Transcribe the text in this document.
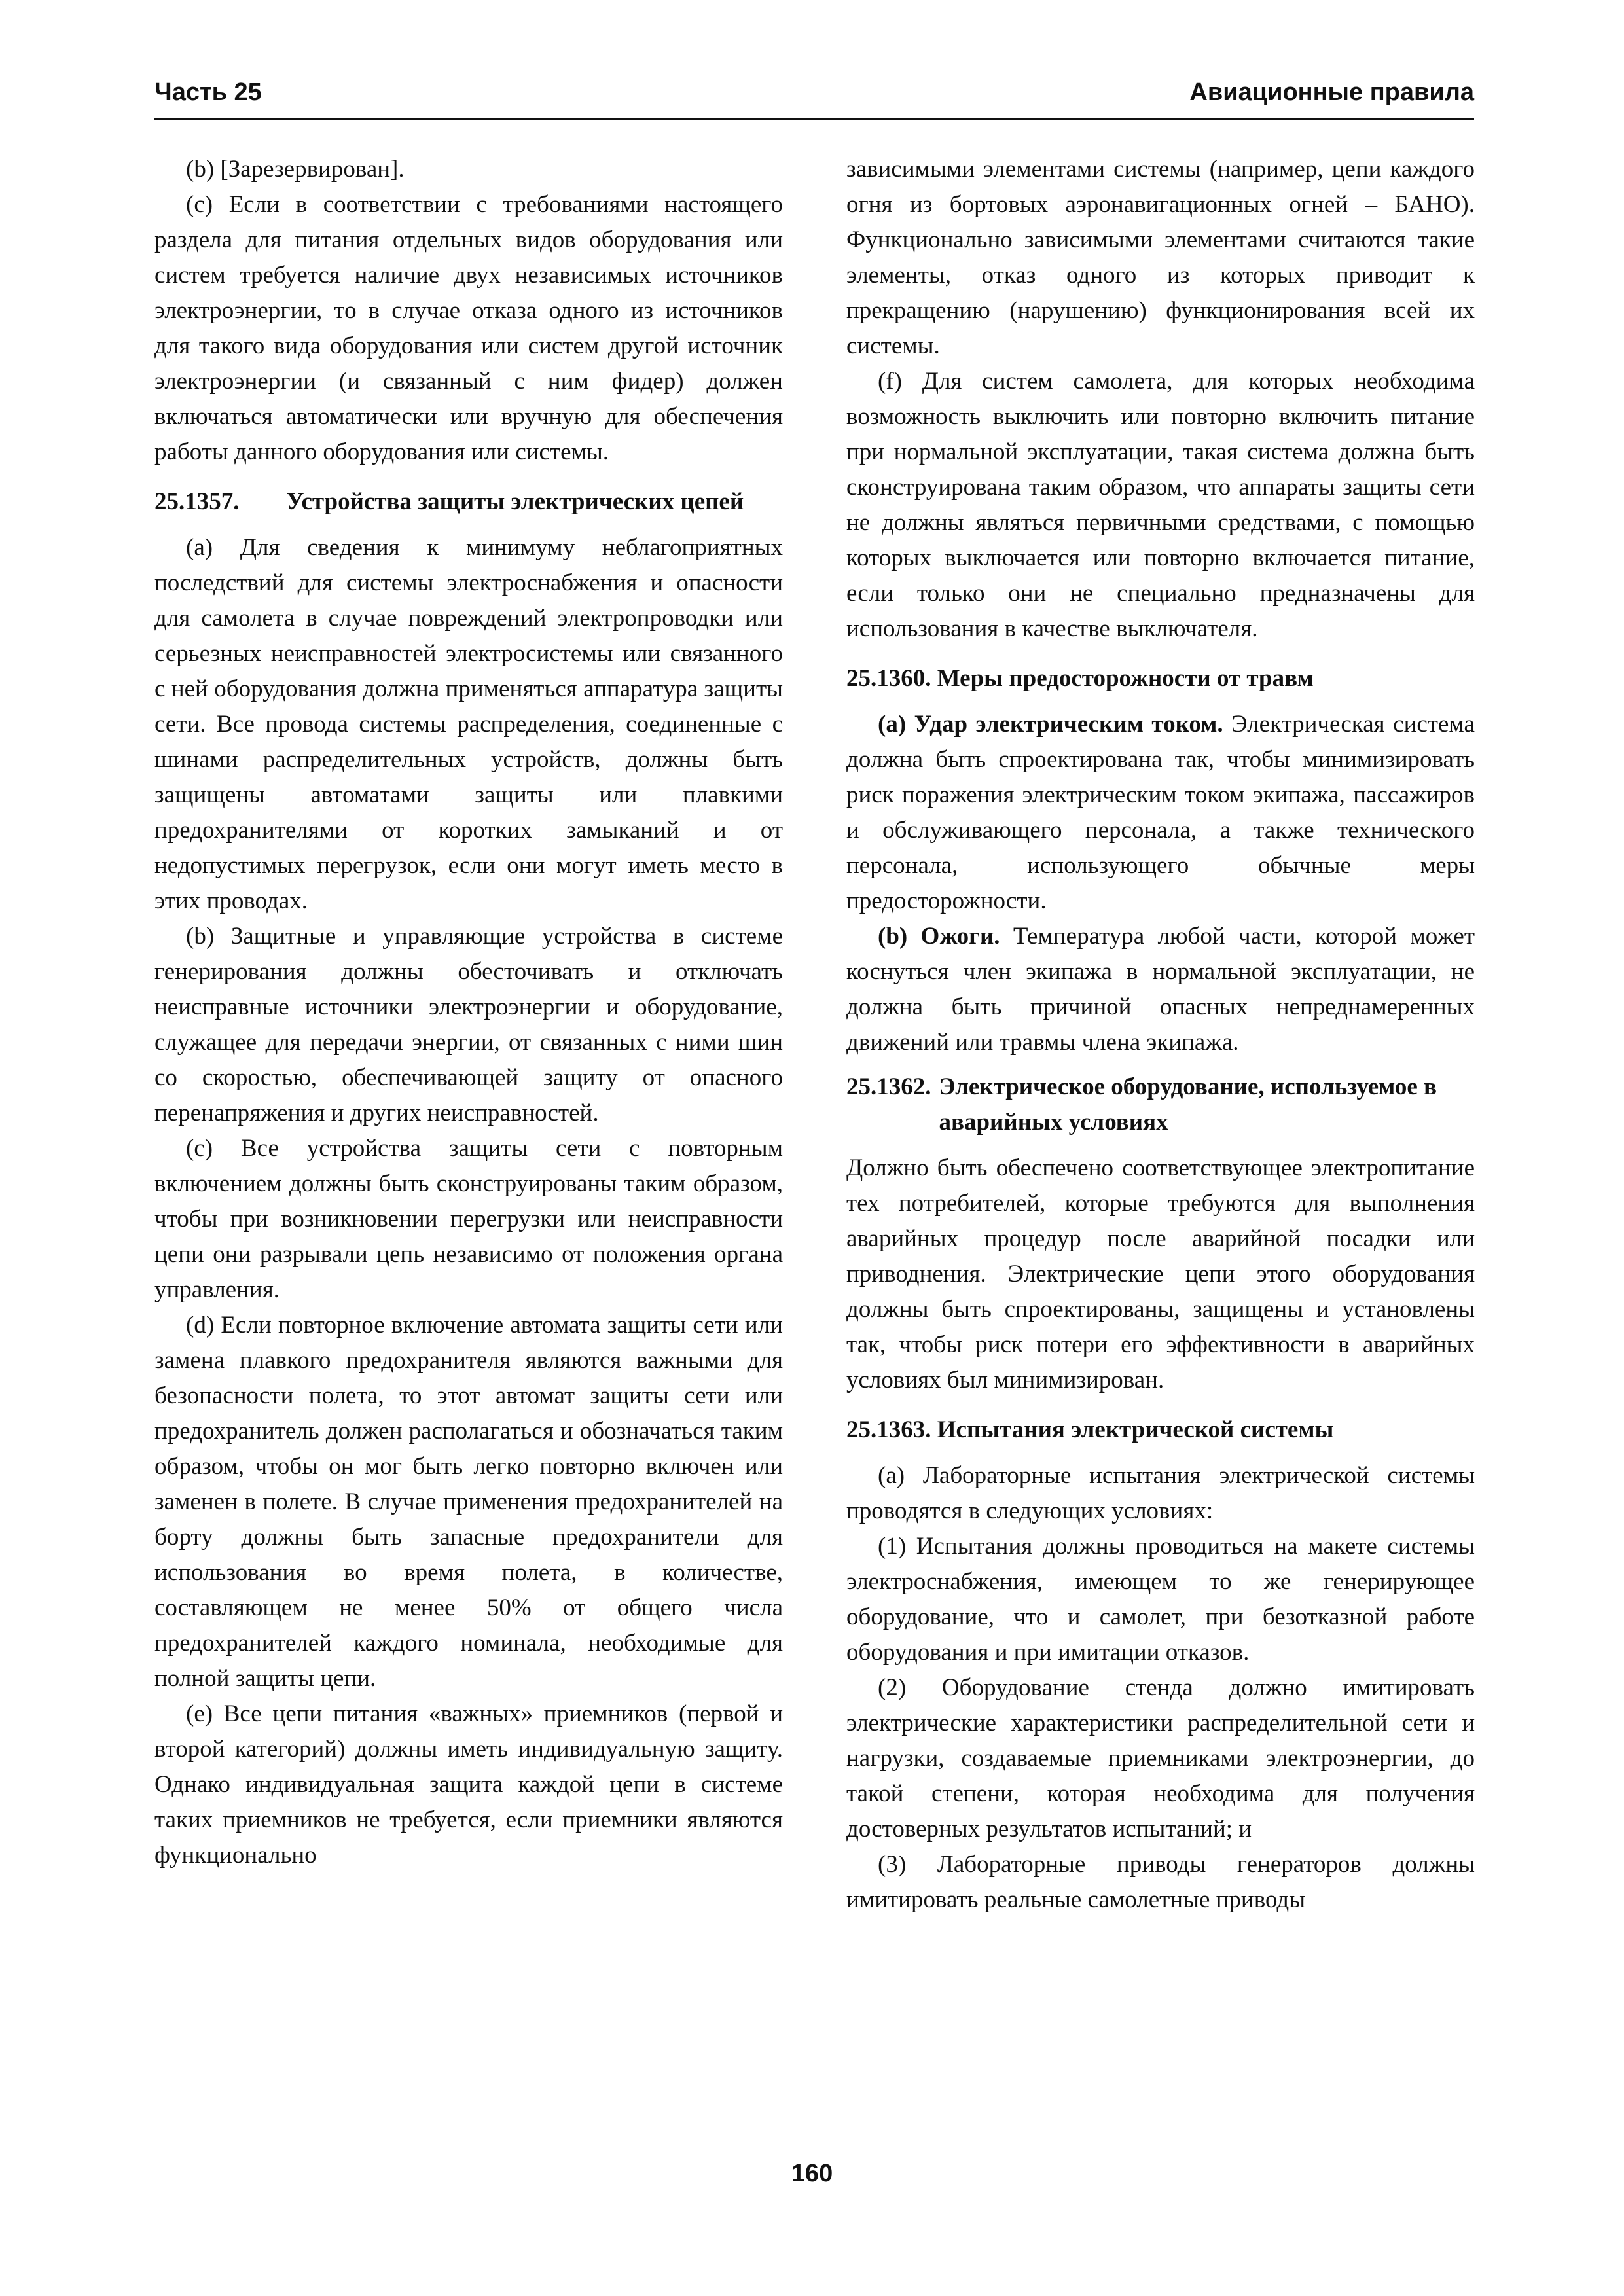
Часть 25	Авиационные правила

(b) [Зарезервирован].

(c) Если в соответствии с требованиями настоящего раздела для питания отдельных видов оборудования или систем требуется наличие двух независимых источников электроэнергии, то в случае отказа одного из источников для такого вида оборудования или систем другой источник электроэнергии (и связанный с ним фидер) должен включаться автоматически или вручную для обеспечения работы данного оборудования или системы.

25.1357.	Устройства защиты электрических цепей

(a) Для сведения к минимуму неблагоприятных последствий для системы электроснабжения и опасности для самолета в случае повреждений электропроводки или серьезных неисправностей электросистемы или связанного с ней оборудования должна применяться аппаратура защиты сети. Все провода системы распределения, соединенные с шинами распределительных устройств, должны быть защищены автоматами защиты или плавкими предохранителями от коротких замыканий и от недопустимых перегрузок, если они могут иметь место в этих проводах.

(b) Защитные и управляющие устройства в системе генерирования должны обесточивать и отключать неисправные источники электроэнергии и оборудование, служащее для передачи энергии, от связанных с ними шин со скоростью, обеспечивающей защиту от опасного перенапряжения и других неисправностей.

(c) Все устройства защиты сети с повторным включением должны быть сконструированы таким образом, чтобы при возникновении перегрузки или неисправности цепи они разрывали цепь независимо от положения органа управления.

(d) Если повторное включение автомата защиты сети или замена плавкого предохранителя являются важными для безопасности полета, то этот автомат защиты сети или предохранитель должен располагаться и обозначаться таким образом, чтобы он мог быть легко повторно включен или заменен в полете. В случае применения предохранителей на борту должны быть запасные предохранители для использования во время полета, в количестве, составляющем не менее 50% от общего числа предохранителей каждого номинала, необходимые для полной защиты цепи.

(e) Все цепи питания «важных» приемников (первой и второй категорий) должны иметь индивидуальную защиту. Однако индивидуальная защита каждой цепи в системе таких приемников не требуется, если приемники являются функционально

зависимыми элементами системы (например, цепи каждого огня из бортовых аэронавигационных огней – БАНО). Функционально зависимыми элементами считаются такие элементы, отказ одного из которых приводит к прекращению (нарушению) функционирования всей их системы.

(f) Для систем самолета, для которых необходима возможность выключить или повторно включить питание при нормальной эксплуатации, такая система должна быть сконструирована таким образом, что аппараты защиты сети не должны являться первичными средствами, с помощью которых выключается или повторно включается питание, если только они не специально предназначены для использования в качестве выключателя.

25.1360. Меры предосторожности от травм

(a) Удар электрическим током. Электрическая система должна быть спроектирована так, чтобы минимизировать риск поражения электрическим током экипажа, пассажиров и обслуживающего персонала, а также технического персонала, использующего обычные меры предосторожности.

(b) Ожоги. Температура любой части, которой может коснуться член экипажа в нормальной эксплуатации, не должна быть причиной опасных непреднамеренных движений или травмы члена экипажа.

25.1362. Электрическое оборудование, используемое в аварийных условиях

Должно быть обеспечено соответствующее электропитание тех потребителей, которые требуются для выполнения аварийных процедур после аварийной посадки или приводнения. Электрические цепи этого оборудования должны быть спроектированы, защищены и установлены так, чтобы риск потери его эффективности в аварийных условиях был минимизирован.

25.1363. Испытания электрической системы

(a) Лабораторные испытания электрической системы проводятся в следующих условиях:

(1) Испытания должны проводиться на макете системы электроснабжения, имеющем то же генерирующее оборудование, что и самолет, при безотказной работе оборудования и при имитации отказов.

(2) Оборудование стенда должно имитировать электрические характеристики распределительной сети и нагрузки, создаваемые приемниками электроэнергии, до такой степени, которая необходима для получения достоверных результатов испытаний; и

(3) Лабораторные приводы генераторов должны имитировать реальные самолетные приводы

160
